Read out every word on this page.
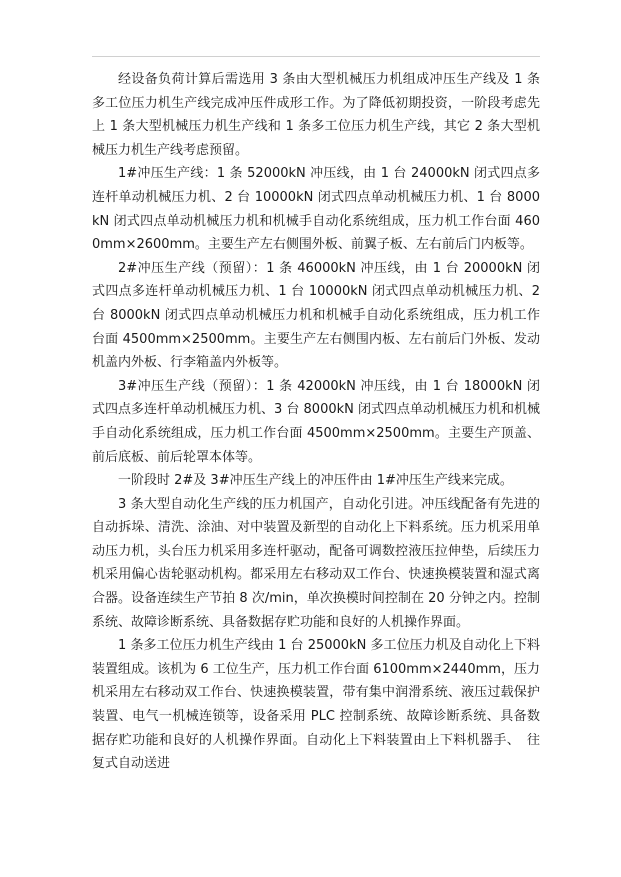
经设备负荷计算后需选用 3 条由大型机械压力机组成冲压生产线及 1 条多工位压力机生产线完成冲压件成形工作。为了降低初期投资，一阶段考虑先上 1 条大型机械压力机生产线和 1 条多工位压力机生产线，其它 2 条大型机械压力机生产线考虑预留。

1#冲压生产线：1 条 52000kN 冲压线，由 1 台 24000kN 闭式四点多连杆单动机械压力机、2 台 10000kN 闭式四点单动机械压力机、1 台 8000kN 闭式四点单动机械压力机和机械手自动化系统组成，压力机工作台面 4600mm×2600mm。主要生产左右侧围外板、前翼子板、左右前后门内板等。

2#冲压生产线（预留）：1 条 46000kN 冲压线，由 1 台 20000kN 闭式四点多连杆单动机械压力机、1 台 10000kN 闭式四点单动机械压力机、2 台 8000kN 闭式四点单动机械压力机和机械手自动化系统组成，压力机工作台面 4500mm×2500mm。主要生产左右侧围内板、左右前后门外板、发动机盖内外板、行李箱盖内外板等。

3#冲压生产线（预留）：1 条 42000kN 冲压线，由 1 台 18000kN 闭式四点多连杆单动机械压力机、3 台 8000kN 闭式四点单动机械压力机和机械手自动化系统组成，压力机工作台面 4500mm×2500mm。主要生产顶盖、前后底板、前后轮罩本体等。

一阶段时 2#及 3#冲压生产线上的冲压件由 1#冲压生产线来完成。

3 条大型自动化生产线的压力机国产，自动化引进。冲压线配备有先进的自动拆垛、清洗、涂油、对中装置及新型的自动化上下料系统。压力机采用单动压力机，头台压力机采用多连杆驱动，配备可调数控液压拉伸垫，后续压力机采用偏心齿轮驱动机构。都采用左右移动双工作台、快速换模装置和湿式离合器。设备连续生产节拍 8 次/min，单次换模时间控制在 20 分钟之内。控制系统、故障诊断系统、具备数据存贮功能和良好的人机操作界面。

1 条多工位压力机生产线由 1 台 25000kN 多工位压力机及自动化上下料装置组成。该机为 6 工位生产，压力机工作台面 6100mm×2440mm，压力机采用左右移动双工作台、快速换模装置，带有集中润滑系统、液压过载保护装置、电气一机械连锁等，设备采用 PLC 控制系统、故障诊断系统、具备数据存贮功能和良好的人机操作界面。自动化上下料装置由上下料机器手、　往复式自动送进
